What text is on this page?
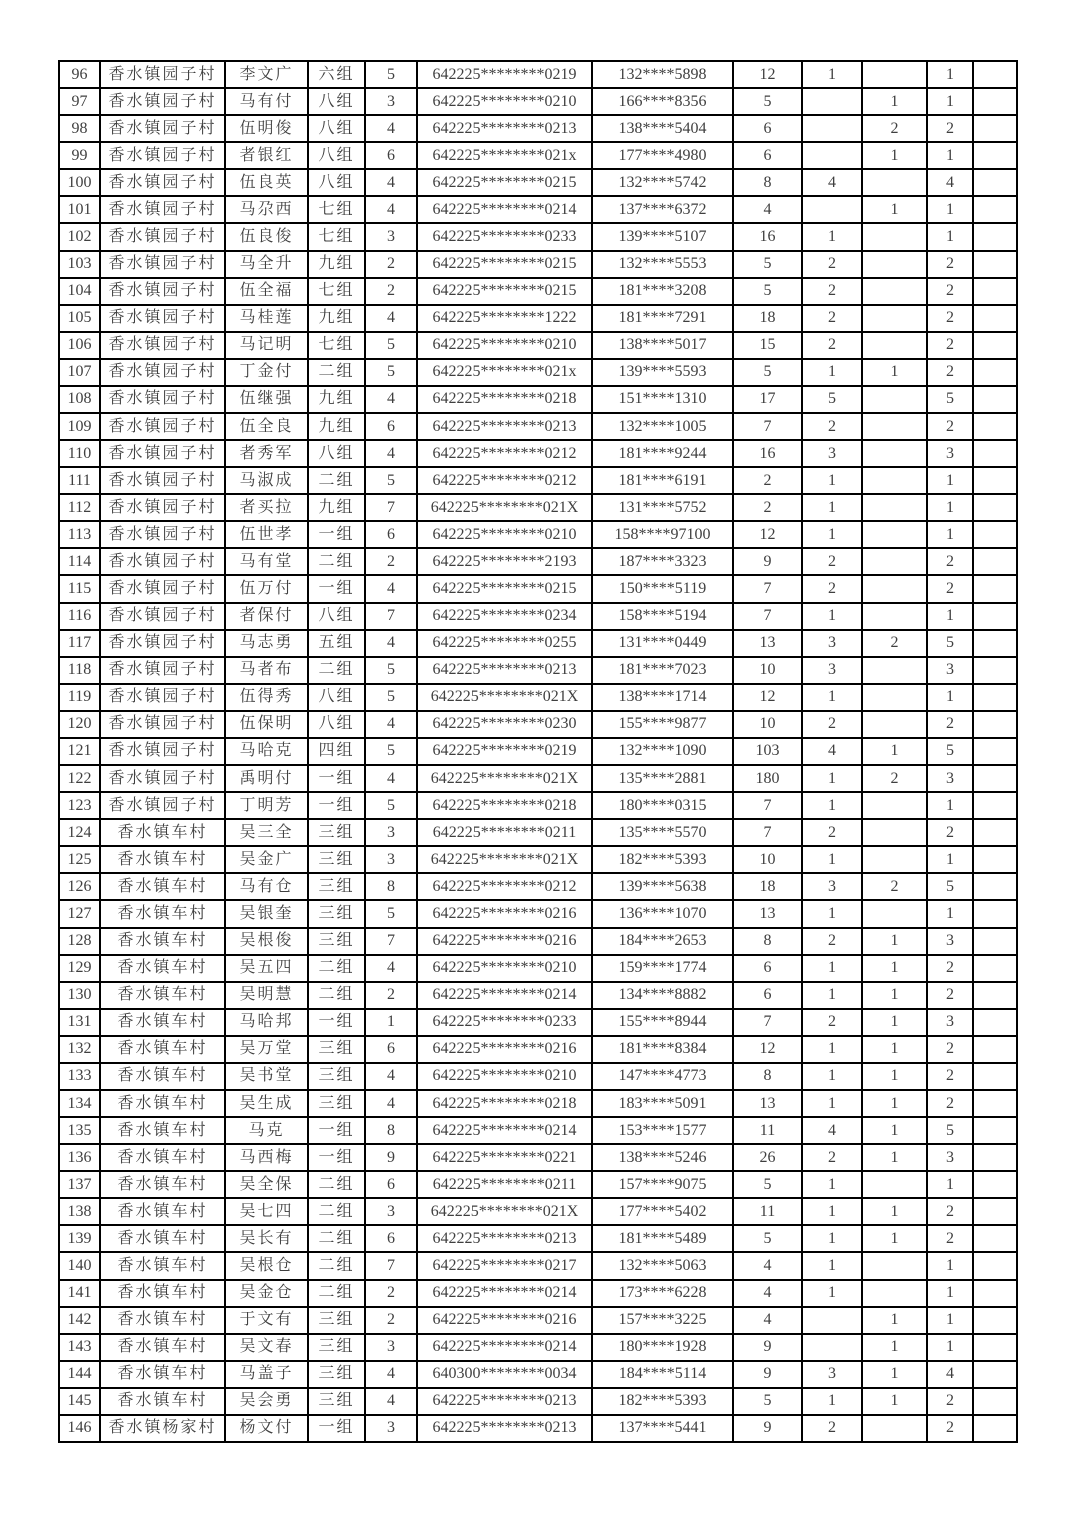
96	香水镇园子村	李文广	六组	5	642225********0219	132****5898	12	1		1	
97	香水镇园子村	马有付	八组	3	642225********0210	166****8356	5		1	1	
98	香水镇园子村	伍明俊	八组	4	642225********0213	138****5404	6		2	2	
99	香水镇园子村	者银红	八组	6	642225********021x	177****4980	6		1	1	
100	香水镇园子村	伍良英	八组	4	642225********0215	132****5742	8	4		4	
101	香水镇园子村	马尕西	七组	4	642225********0214	137****6372	4		1	1	
102	香水镇园子村	伍良俊	七组	3	642225********0233	139****5107	16	1		1	
103	香水镇园子村	马全升	九组	2	642225********0215	132****5553	5	2		2	
104	香水镇园子村	伍全福	七组	2	642225********0215	181****3208	5	2		2	
105	香水镇园子村	马桂莲	九组	4	642225********1222	181****7291	18	2		2	
106	香水镇园子村	马记明	七组	5	642225********0210	138****5017	15	2		2	
107	香水镇园子村	丁金付	二组	5	642225********021x	139****5593	5	1	1	2	
108	香水镇园子村	伍继强	九组	4	642225********0218	151****1310	17	5		5	
109	香水镇园子村	伍全良	九组	6	642225********0213	132****1005	7	2		2	
110	香水镇园子村	者秀军	八组	4	642225********0212	181****9244	16	3		3	
111	香水镇园子村	马淑成	二组	5	642225********0212	181****6191	2	1		1	
112	香水镇园子村	者买拉	九组	7	642225********021X	131****5752	2	1		1	
113	香水镇园子村	伍世孝	一组	6	642225********0210	158****97100	12	1		1	
114	香水镇园子村	马有堂	二组	2	642225********2193	187****3323	9	2		2	
115	香水镇园子村	伍万付	一组	4	642225********0215	150****5119	7	2		2	
116	香水镇园子村	者保付	八组	7	642225********0234	158****5194	7	1		1	
117	香水镇园子村	马志勇	五组	4	642225********0255	131****0449	13	3	2	5	
118	香水镇园子村	马者布	二组	5	642225********0213	181****7023	10	3		3	
119	香水镇园子村	伍得秀	八组	5	642225********021X	138****1714	12	1		1	
120	香水镇园子村	伍保明	八组	4	642225********0230	155****9877	10	2		2	
121	香水镇园子村	马哈克	四组	5	642225********0219	132****1090	103	4	1	5	
122	香水镇园子村	禹明付	一组	4	642225********021X	135****2881	180	1	2	3	
123	香水镇园子村	丁明芳	一组	5	642225********0218	180****0315	7	1		1	
124	香水镇车村	吴三全	三组	3	642225********0211	135****5570	7	2		2	
125	香水镇车村	吴金广	三组	3	642225********021X	182****5393	10	1		1	
126	香水镇车村	马有仓	三组	8	642225********0212	139****5638	18	3	2	5	
127	香水镇车村	吴银奎	三组	5	642225********0216	136****1070	13	1		1	
128	香水镇车村	吴根俊	三组	7	642225********0216	184****2653	8	2	1	3	
129	香水镇车村	吴五四	二组	4	642225********0210	159****1774	6	1	1	2	
130	香水镇车村	吴明慧	二组	2	642225********0214	134****8882	6	1	1	2	
131	香水镇车村	马哈邦	一组	1	642225********0233	155****8944	7	2	1	3	
132	香水镇车村	吴万堂	三组	6	642225********0216	181****8384	12	1	1	2	
133	香水镇车村	吴书堂	三组	4	642225********0210	147****4773	8	1	1	2	
134	香水镇车村	吴生成	三组	4	642225********0218	183****5091	13	1	1	2	
135	香水镇车村	马克	一组	8	642225********0214	153****1577	11	4	1	5	
136	香水镇车村	马西梅	一组	9	642225********0221	138****5246	26	2	1	3	
137	香水镇车村	吴全保	二组	6	642225********0211	157****9075	5	1		1	
138	香水镇车村	吴七四	二组	3	642225********021X	177****5402	11	1	1	2	
139	香水镇车村	吴长有	二组	6	642225********0213	181****5489	5	1	1	2	
140	香水镇车村	吴根仓	二组	7	642225********0217	132****5063	4	1		1	
141	香水镇车村	吴金仓	二组	2	642225********0214	173****6228	4	1		1	
142	香水镇车村	于文有	三组	2	642225********0216	157****3225	4		1	1	
143	香水镇车村	吴文春	三组	3	642225********0214	180****1928	9		1	1	
144	香水镇车村	马盖子	三组	4	640300********0034	184****5114	9	3	1	4	
145	香水镇车村	吴会勇	三组	4	642225********0213	182****5393	5	1	1	2	
146	香水镇杨家村	杨文付	一组	3	642225********0213	137****5441	9	2		2	
